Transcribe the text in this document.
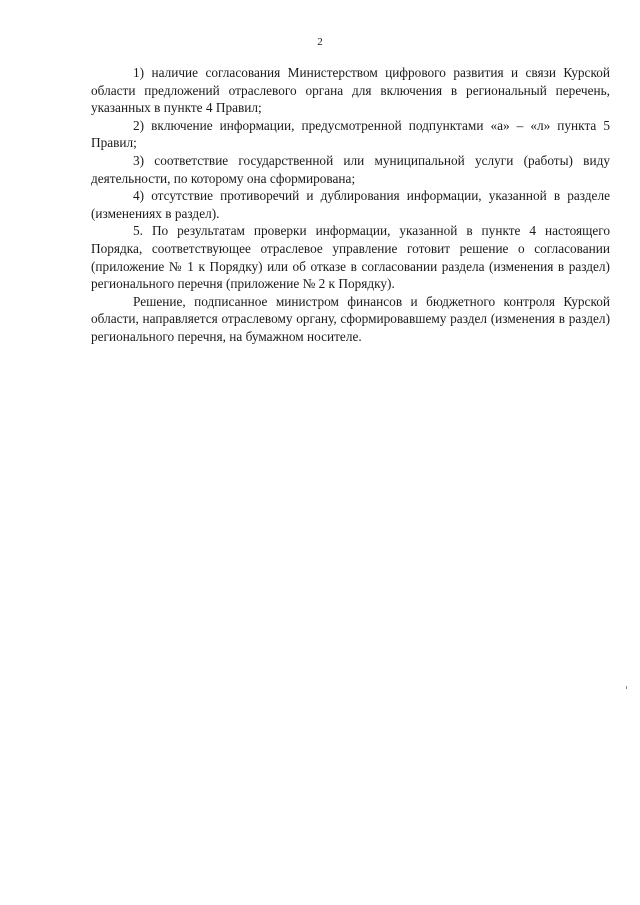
2

1) наличие согласования Министерством цифрового развития и связи Курской области предложений отраслевого органа для включения в региональный перечень, указанных в пункте 4 Правил;

2) включение информации, предусмотренной подпунктами «а» – «л» пункта 5 Правил;

3) соответствие государственной или муниципальной услуги (работы) виду деятельности, по которому она сформирована;

4) отсутствие противоречий и дублирования информации, указанной в разделе (изменениях в раздел).

5. По результатам проверки информации, указанной в пункте 4 настоящего Порядка, соответствующее отраслевое управление готовит решение о согласовании (приложение № 1 к Порядку) или об отказе в согласовании раздела (изменения в раздел) регионального перечня (приложение № 2 к Порядку).

Решение, подписанное министром финансов и бюджетного контроля Курской области, направляется отраслевому органу, сформировавшему раздел (изменения в раздел) регионального перечня, на бумажном носителе.
